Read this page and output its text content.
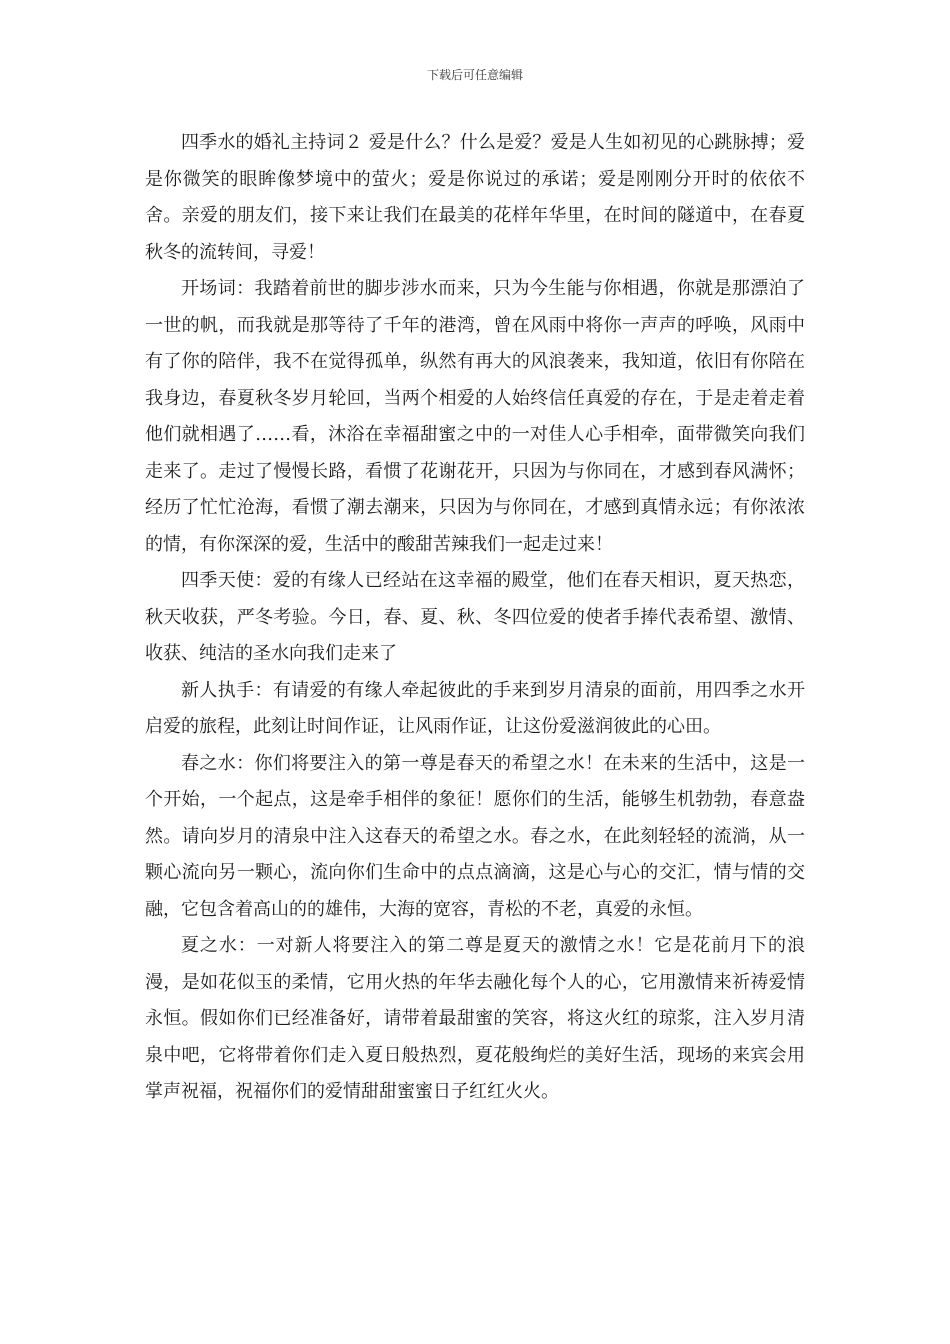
下载后可任意编辑

四季水的婚礼主持词２ 爱是什么？什么是爱？爱是人生如初见的心跳脉搏；爱是你微笑的眼眸像梦境中的萤火；爱是你说过的承诺；爱是刚刚分开时的依依不舍。亲爱的朋友们，接下来让我们在最美的花样年华里，在时间的隧道中，在春夏秋冬的流转间，寻爱！

开场词：我踏着前世的脚步涉水而来，只为今生能与你相遇，你就是那漂泊了一世的帆，而我就是那等待了千年的港湾，曾在风雨中将你一声声的呼唤，风雨中有了你的陪伴，我不在觉得孤单，纵然有再大的风浪袭来，我知道，依旧有你陪在我身边，春夏秋冬岁月轮回，当两个相爱的人始终信任真爱的存在，于是走着走着他们就相遇了……看，沐浴在幸福甜蜜之中的一对佳人心手相牵，面带微笑向我们走来了。走过了慢慢长路，看惯了花谢花开，只因为与你同在，才感到春风满怀；经历了忙忙沧海，看惯了潮去潮来，只因为与你同在，才感到真情永远；有你浓浓的情，有你深深的爱，生活中的酸甜苦辣我们一起走过来！

四季天使：爱的有缘人已经站在这幸福的殿堂，他们在春天相识，夏天热恋，秋天收获，严冬考验。今日，春、夏、秋、冬四位爱的使者手捧代表希望、激情、收获、纯洁的圣水向我们走来了

新人执手：有请爱的有缘人牵起彼此的手来到岁月清泉的面前，用四季之水开启爱的旅程，此刻让时间作证，让风雨作证，让这份爱滋润彼此的心田。

春之水：你们将要注入的第一尊是春天的希望之水！在未来的生活中，这是一个开始，一个起点，这是牵手相伴的象征！愿你们的生活，能够生机勃勃，春意盎然。请向岁月的清泉中注入这春天的希望之水。春之水，在此刻轻轻的流淌，从一颗心流向另一颗心，流向你们生命中的点点滴滴，这是心与心的交汇，情与情的交融，它包含着高山的的雄伟，大海的宽容，青松的不老，真爱的永恒。

夏之水：一对新人将要注入的第二尊是夏天的激情之水！它是花前月下的浪漫，是如花似玉的柔情，它用火热的年华去融化每个人的心，它用激情来祈祷爱情永恒。假如你们已经准备好，请带着最甜蜜的笑容，将这火红的琼浆，注入岁月清泉中吧，它将带着你们走入夏日般热烈，夏花般绚烂的美好生活，现场的来宾会用掌声祝福，祝福你们的爱情甜甜蜜蜜日子红红火火。
